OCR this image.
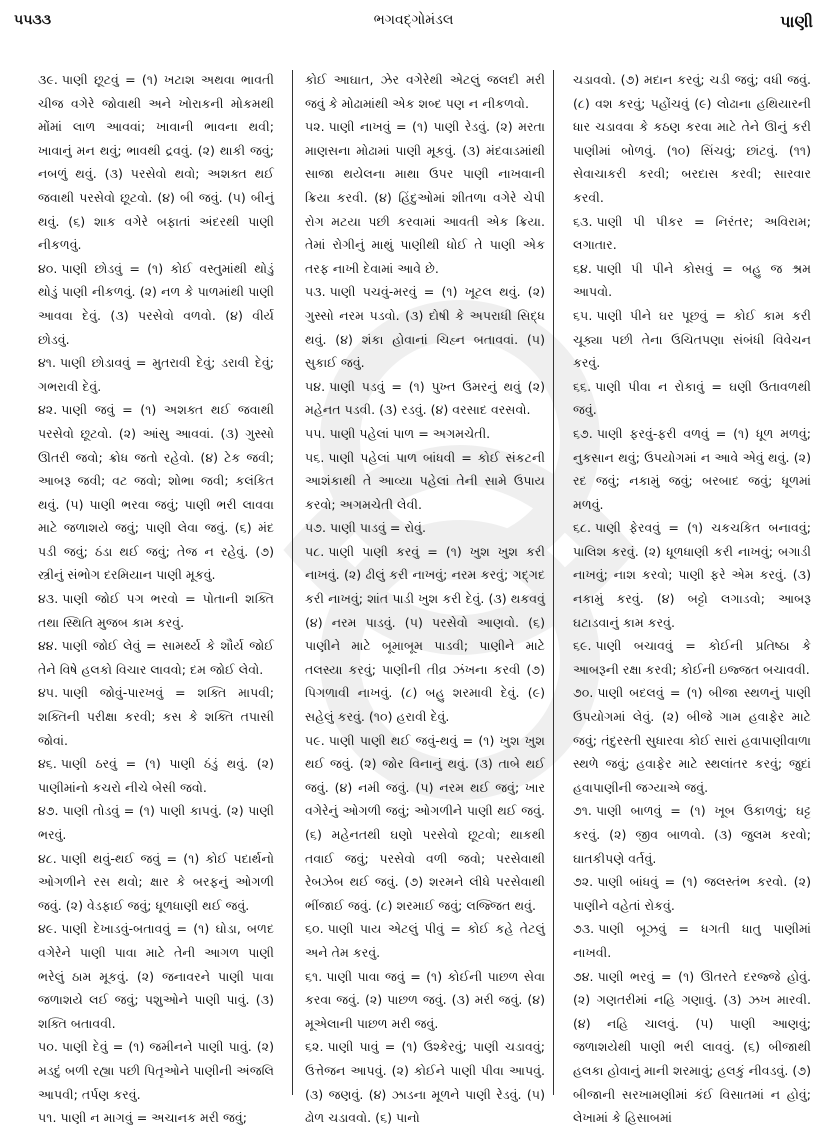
૫૫૩૩	ભગવદ્ગોમંડલ	પાણી

૩૯. પાણી છૂટવું = (૧) ખટાશ અથવા ભાવતી ચીજ વગેરે જોવાથી અને ખોરાકની મોકમથી મોંમાં લાળ આવવાં; ખાવાની ભાવના થવી; ખાવાનું મન થવું; ભાવથી દ્રવવું. (૨) થાકી જવું; નબળું થવું. (૩) પરસેવો થવો; અશક્ત થઈ જવાથી પરસેવો છૂટવો. (૪) બી જવું. (૫) બીનું થવું. (૬) શાક વગેરે બફાતાં અંદરથી પાણી નીકળવું.

૪૦. પાણી છોડવું = (૧) કોઈ વસ્તુમાંથી થોડું થોડું પાણી નીકળવું. (૨) નળ કે પાળમાંથી પાણી આવવા દેવું. (૩) પરસેવો વળવો. (૪) વીર્ય છોડવું.

૪૧. પાણી છોડાવવું = મુતરાવી દેવું; ડરાવી દેવું; ગભરાવી દેવું.

૪૨. પાણી જવું = (૧) અશક્ત થઈ જવાથી પરસેવો છૂટવો. (૨) આંસુ આવવાં. (૩) ગુસ્સો ઊતરી જવો; ક્રોધ જતો રહેવો. (૪) ટેક જવી; આબરૂ જવી; વટ જવો; શોભા જવી; કલંકિત થવું. (૫) પાણી ભરવા જવું; પાણી ભરી લાવવા માટે જળાશયે જવું; પાણી લેવા જવું. (૬) મંદ પડી જવું; ઠંડા થઈ જવું; તેજ ન રહેવું. (૭) સ્ત્રીનું સંભોગ દરમિયાન પાણી મૂકવું.

૪૩. પાણી જોઈ પગ ભરવો = પોતાની શક્તિ તથા સ્થિતિ મુજબ કામ કરવું.

૪૪. પાણી જોઈ લેવું = સામર્થ્ય કે શૌર્ય જોઈ તેને વિષે હલકો વિચાર લાવવો; દમ જોઈ લેવો.

૪૫. પાણી જોવું-પારખવું = શક્તિ માપવી; શક્તિની પરીક્ષા કરવી; કસ કે શક્તિ તપાસી જોવાં.

૪૬. પાણી ઠરવું = (૧) પાણી ઠંડું થવું. (૨) પાણીમાંનો કચરો નીચે બેસી જવો.

૪૭. પાણી તોડવું = (૧) પાણી કાપવું. (૨) પાણી ભરવું.

૪૮. પાણી થવું-થઈ જવું = (૧) કોઈ પદાર્થનો ઓગળીને રસ થવો; ક્ષાર કે બરફનું ઓગળી જવું. (૨) વેડફાઈ જવું; ધૂળધાણી થઈ જવું.

૪૯. પાણી દેખાડવું-બતાવવું = (૧) ઘોડા, બળદ વગેરેને પાણી પાવા માટે તેની આગળ પાણી ભરેલું ઠામ મૂકવું. (૨) જનાવરને પાણી પાવા જળાશયે લઈ જવું; પશુઓને પાણી પાવું. (૩) શક્તિ બતાવવી.

૫૦. પાણી દેવું = (૧) જમીનને પાણી પાવું. (૨) મડદું બળી રહ્યા પછી પિતૃઓને પાણીની અંજલિ આપવી; તર્પણ કરવું.

૫૧. પાણી ન માગવું = અચાનક મરી જવું;

કોઈ આઘાત, ઝેર વગેરેથી એટલું જલદી મરી જવું કે મોઢામાંથી એક શબ્દ પણ ન નીકળવો.

૫૨. પાણી નાખવું = (૧) પાણી રેડવું. (૨) મરતા માણસના મોઢામાં પાણી મૂકવું. (૩) મંદવાડમાંથી સાજા થયેલના માથા ઉપર પાણી નાખવાની ક્રિયા કરવી. (૪) હિંદુઓમાં શીતળા વગેરે ચેપી રોગ મટયા પછી કરવામાં આવતી એક ક્રિયા. તેમાં રોગીનું માથું પાણીથી ધોઈ તે પાણી એક તરફ નાખી દેવામાં આવે છે.

૫૩. પાણી પચવું-મરવું = (૧) ખૂટલ થવું. (૨) ગુસ્સો નરમ પડવો. (૩) દોષી કે અપરાધી સિદ્ધ થવું. (૪) શંકા હોવાનાં ચિહ્ન બતાવવાં. (૫) સુકાઈ જવું.

૫૪. પાણી પડવું = (૧) પુખ્ત ઉમરનું થવું (૨) મહેનત પડવી. (૩) રડવું. (૪) વરસાદ વરસવો.

૫૫. પાણી પહેલાં પાળ = અગમચેતી.

૫૬. પાણી પહેલાં પાળ બાંધવી = કોઈ સંકટની આશંકાથી તે આવ્યા પહેલાં તેની સામે ઉપાય કરવો; અગમચેતી લેવી.

૫૭. પાણી પાડવું = રોવું.

૫૮. પાણી પાણી કરવું = (૧) ખુશ ખુશ કરી નાખવું. (૨) ઢીલું કરી નાખવું; નરમ કરવું; ગદ્ગદ કરી નાખવું; શાંત પાડી ખુશ કરી દેવું. (૩) થકવવું (૪) નરમ પાડવું. (૫) પરસેવો આણવો. (૬) પાણીને માટે બૂમાબૂમ પાડવી; પાણીને માટે તલસ્યા કરવું; પાણીની તીવ્ર ઝંખના કરવી (૭) પિગળાવી નાખવું. (૮) બહુ શરમાવી દેવું. (૯) સહેલું કરવું. (૧૦) હરાવી દેવું.

૫૯. પાણી પાણી થઈ જવું-થવું = (૧) ખુશ ખુશ થઈ જવું. (૨) જોર વિનાનું થવું. (૩) તાબે થઈ જવું. (૪) નમી જવું. (૫) નરમ થઈ જવું; ખાર વગેરેનું ઓગળી જવું; ઓગળીને પાણી થઈ જવું. (૬) મહેનતથી ઘણો પરસેવો છૂટવો; થાકથી તવાઈ જવું; પરસેવો વળી જવો; પરસેવાથી રેબઝેબ થઈ જવું. (૭) શરમને લીધે પરસેવાથી ભીંજાઈ જવું. (૮) શરમાઈ જવું; લજ્જિત થવું.

૬૦. પાણી પાય એટલું પીવું = કોઈ કહે તેટલું અને તેમ કરવું.

૬૧. પાણી પાવા જવું = (૧) કોઈની પાછળ સેવા કરવા જવું. (૨) પાછળ જવું. (૩) મરી જવું. (૪) મૂએલાની પાછળ મરી જવું.

૬૨. પાણી પાવું = (૧) ઉશ્કેરવું; પાણી ચડાવવું; ઉત્તેજન આપવું. (૨) કોઈને પાણી પીવા આપવું. (૩) જણવું. (૪) ઝાડના મૂળને પાણી રેડવું. (૫) ઢોળ ચડાવવો. (૬) પાનો

ચડાવવો. (૭) મદાન કરવું; ચડી જવું; વધી જવું. (૮) વશ કરવું; પહોંચવું (૯) લોઢાના હથિયારની ધાર ચડાવવા કે કઠણ કરવા માટે તેને ઊનું કરી પાણીમાં બોળવું. (૧૦) સિંચવું; છાંટવું. (૧૧) સેવાચાકરી કરવી; બરદાસ કરવી; સારવાર કરવી.

૬૩. પાણી પી પીકર = નિરંતર; અવિરામ; લગાતાર.

૬૪. પાણી પી પીને કોસવું = બહુ જ શ્રમ આપવો.

૬૫. પાણી પીને ઘર પૂછવું = કોઈ કામ કરી ચૂક્યા પછી તેના ઉચિતપણા સંબંધી વિવેચન કરવું.

૬૬. પાણી પીવા ન રોકાવું = ઘણી ઉતાવળથી જવું.

૬૭. પાણી ફરવું-ફરી વળવું = (૧) ધૂળ મળવું; નુકસાન થવું; ઉપયોગમાં ન આવે એવું થવું. (૨) રદ જવું; નકામું જવું; બરબાદ જવું; ધૂળમાં મળવું.

૬૮. પાણી ફેરવવું = (૧) ચકચકિત બનાવવું; પાલિશ કરવું. (૨) ધૂળધાણી કરી નાખવું; બગાડી નાખવું; નાશ કરવો; પાણી ફરે એમ કરવું. (૩) નકામું કરવું. (૪) બટ્ટો લગાડવો; આબરૂ ઘટાડવાનું કામ કરવું.

૬૯. પાણી બચાવવું = કોઈની પ્રતિષ્ઠા કે આબરૂની રક્ષા કરવી; કોઈની ઇજ્જત બચાવવી.

૭૦. પાણી બદલવું = (૧) બીજા સ્થળનું પાણી ઉપયોગમાં લેવું. (૨) બીજે ગામ હવાફેર માટે જવું; તંદુરસ્તી સુધારવા કોઈ સારાં હવાપાણીવાળા સ્થળે જવું; હવાફેર માટે સ્થલાંતર કરવું; જુદાં હવાપાણીની જગ્યાએ જવું.

૭૧. પાણી બાળવું = (૧) ખૂબ ઉકાળવું; ઘટ્ટ કરવું. (૨) જીવ બાળવો. (૩) જુલમ કરવો; ઘાતકીપણે વર્તવું.

૭૨. પાણી બાંધવું = (૧) જલસ્તંભ કરવો. (૨) પાણીને વહેતાં રોકવું.

૭૩. પાણી બૂઝવું = ધગતી ધાતુ પાણીમાં નાખવી.

૭૪. પાણી ભરવું = (૧) ઊતરતે દરજ્જે હોવું. (૨) ગણતરીમાં નહિ ગણાવું. (૩) ઝખ મારવી. (૪) નહિ ચાલવું. (૫) પાણી આણવું; જળાશયેથી પાણી ભરી લાવવું. (૬) બીજાથી હલકા હોવાનું માની શરમાવું; હલકું નીવડવું. (૭) બીજાની સરખામણીમાં કંઈ વિસાતમાં ન હોવું; લેખામાં કે હિસાબમાં
